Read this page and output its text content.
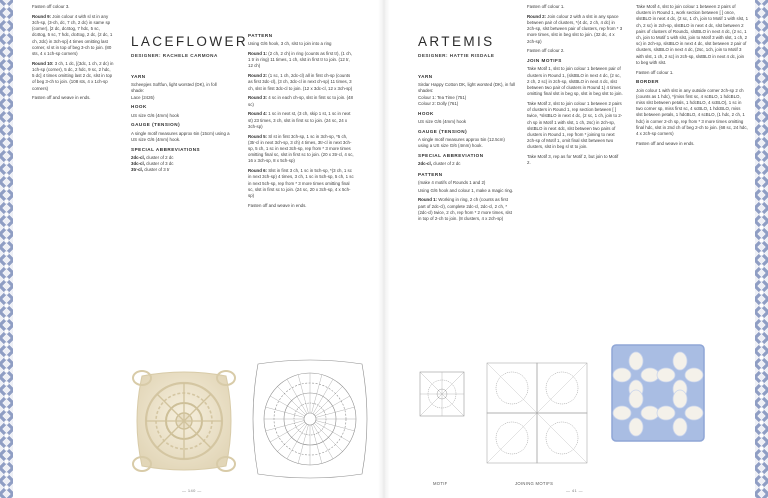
Fasten off colour 3.

Round 9: Join colour 4 with sl st in any 3ch-sp, (3-ch, dc, 7 ch, 2 dc) in same sp (corner), [2 dc, dc4tog, 7 hdc, 5 sc, dc4tog, 5 sc, 7 hdc, dc4tog, 2 dc, (2 dc, 1 ch, 2dc) in 3ch-sp] 4 times omitting last corner, sl st in top of beg 3-ch to join. (80 sts, 4 x 1ch-sp corners)

Round 10: 3 ch, 1 dc, [(3dc, 1 ch, 2 dc) in 1ch-sp (corner), 5 dc, 2 hdc, 9 sc, 2 hdc, 5 dc] 4 times omitting last 2 dc, slst in top of beg 3-ch to join. (108 sts, 4 x 1ch-sp corners)

Fasten off and weave in ends.

LACEFLOWER
DESIGNER: RACHELE CARMONA

YARN
Scheepjes Softfun, light worsted (DK), in foll shade:
Lace (2426)

HOOK
US size G/6 (4mm) hook

GAUGE (TENSION)
A single motif measures approx 6in (15cm) using a US size G/6 (4mm) hook.

SPECIAL ABBREVIATIONS

2dc-cl, cluster of 2 dc
3dc-cl, cluster of 3 dc
3tr-cl, cluster of 3 tr

PATTERN

Using G/6 hook, 3 ch, slst to join into a ring

Round 1: (2 ch, 2 ch) in ring (counts as first tr), (1 ch, 1 tr in ring) 11 times, 1 ch, slst in first tr to join. (12 tr, 12 ch)

Round 2: (1 sc, 1 ch, 2dc-cl) all in first ch-sp (counts as first 3dc-cl), (3 ch, 3dc-cl in next ch-sp) 11 times, 3 ch, slst in first 3dc-cl to join. (12 x 3dc-cl, 12 x 3ch-sp)

Round 3: 4 sc in each ch-sp, slst in first sc to join. (48 sc)

Round 4: 1 sc in next st, (3 ch, skip 1 st, 1 sc in next st) 23 times, 3 ch, slst in first sc to join. (24 sc, 24 x 3ch-sp)

Round 5: Sl st in first 3ch-sp, 1 sc in 3ch-sp, *5 ch, (3tr-cl in next 3ch-sp, 3 ch) 4 times, 3tr-cl in next 3ch-sp, 5 ch, 1 sc in next 3ch-sp, rep from * 3 more times omitting final sc, slst in first sc to join. (20 x 3tr-cl, 4 sc, 16 x 3ch-sp, 8 x 5ch-sp)

Round 6: Slst in first 3 ch, 1 sc in 5ch-sp, *(3 ch, 1 sc in next 3ch-sp) 4 times, 3 ch, 1 sc in 5ch-sp, 5 ch, 1 sc in next 5ch-sp, rep from * 3 more times omitting final sc, slst in first sc to join. (24 sc, 20 x 3ch-sp, 4 x 5ch-sp)

Fasten off and weave in ends.

ARTEMIS
DESIGNER: HATTIE RISDALE

YARN
Sirdar Happy Cotton DK, light worsted (DK), in foll shades:
Colour 1: Tea Time (751)
Colour 2: Dolly (761)

HOOK
US size G/6 (4mm) hook

GAUGE (TENSION)
A single motif measures approx 5in (12.5cm) using a US size G/6 (4mm) hook.

SPECIAL ABBREVIATION

2dc-cl, cluster of 2 dc

PATTERN
(make 4 motifs of Rounds 1 and 2)

Using G/6 hook and colour 1, make a magic ring.

Round 1: Working in ring, 2 ch (counts as first part of 2dc-cl), complete 2dc-cl, 2dc-cl, 2 ch, *(2dc-cl) twice, 2 ch, rep from * 2 more times, slst in top of 2-ch to join. (8 clusters, 4 x 2ch-sp)

Fasten off colour 1.

Round 2: Join colour 2 with a slst in any space between pair of clusters, *(4 dc, 2 ch, 4 dc) in 2ch-sp, slst between pair of clusters, rep from * 3 more times, slst in beg slst to join. (32 dc, 4 x 2ch-sp)

Fasten off colour 2.

JOIN MOTIFS

Take Motif 1, slst to join colour 1 between pair of clusters in Round 1, (slstBLO in next 4 dc, (2 sc, 2 ch, 2 sc) in 2ch-sp, slstBLO in next 4 dc, slst between two pair of clusters in Round 1) 4 times omitting final slst in beg sp, slst in beg slst to join.

Take Motif 2, slst to join colour 1 between 2 pairs of clusters in Round 1, rep section between [ ] twice, *slstBLO in next 4 dc, (2 sc, 1 ch, join to 2-ch sp in Motif 1 with slst, 1 ch, 2sc) in 2ch-sp, slstBLO in next 4dc, slst between two pairs of clusters in Round 1, rep from * joining to next 2ch-sp of Motif 1, omit final slst between two clusters, slst in beg sl st to join.

Take Motif 3, rep as for Motif 2, but join to Motif 2.

Take Motif 4, slst to join colour 1 between 2 pairs of clusters in Round 1, work section between [ ] once, slstBLO in next 4 dc, (2 sc, 1 ch, join to Motif 1 with slst, 1 ch, 2 sc) in 2ch-sp, slstBLO in next 4 dc, slst between 2 pairs of clusters of Round1, slstBLO in next 4 dc, (2 sc, 1 ch, join to Motif 1 with slst, join to Motif 3 with slst, 1 ch, 2 sc) in 2ch-sp, slstBLO in next 4 dc, slst between 2 pair of clusters, slstBLO in next 4 dc, (2sc, 1ch, join to Motif 3 with slst, 1 ch, 2 sc) in 2ch-sp, slstBLO in next 4 dc, join to beg with slst.

Fasten off colour 1.

BORDER

Join colour 1 with slst in any outside corner 2ch-sp 2 ch (counts as 1 hdc), *(miss first sc, 4 scBLO, 1 hdcBLO, miss slst between petals, 1 hdcBLO, 4 scBLO), 1 sc in two corner sp, miss first sc, 4 scBLO, 1 hdcBLO, miss slst between petals, 1 hdcBLO, 4 scBLO, (1 hdc, 2 ch, 1 hdc) in corner 2-ch sp, rep from * 3 more times omitting final hdc, slst in 2nd ch of beg 2-ch to join. (68 sc, 24 hdc, 4 x 2ch-sp corners)

Fasten off and weave in ends.

MOTIF	JOINING MOTIFS
— 140 —	— 41 —
